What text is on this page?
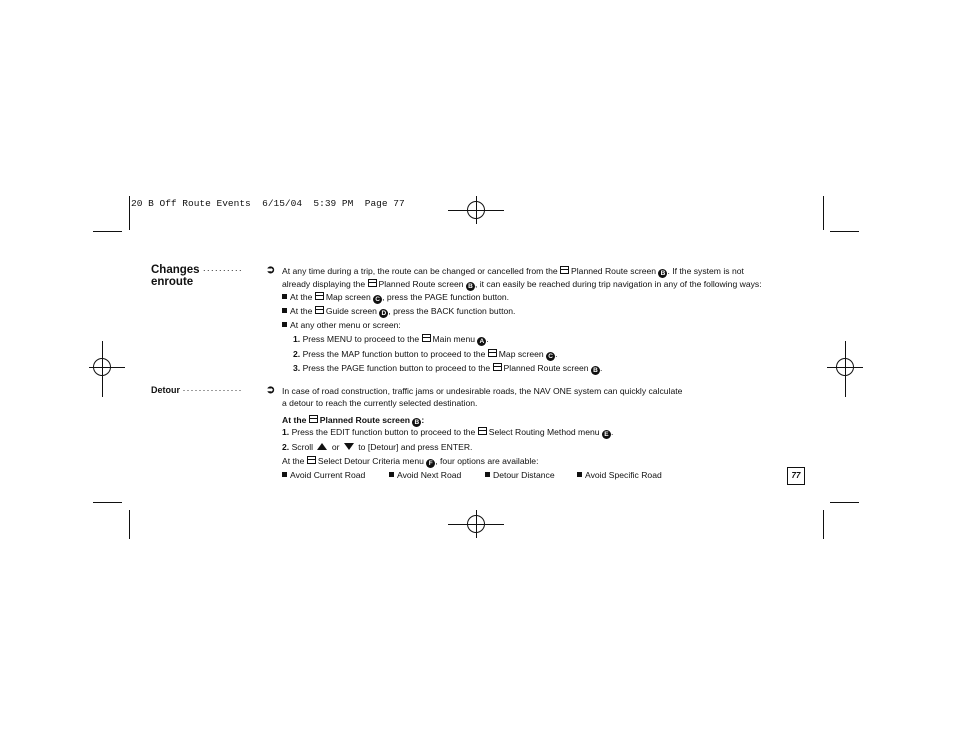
20 B Off Route Events  6/15/04  5:39 PM  Page 77
Changes ··········
enroute
➲ At any time during a trip, the route can be changed or cancelled from the Planned Route screen B . If the system is not
already displaying the Planned Route screen B , it can easily be reached during trip navigation in any of the following ways:
At the Map screen C , press the PAGE function button.
At the Guide screen D , press the BACK function button.
At any other menu or screen:
1. Press MENU to proceed to the Main menu A .
2. Press the MAP function button to proceed to the Map screen C .
3. Press the PAGE function button to proceed to the Planned Route screen B .
Detour ··············· ➲ In case of road construction, traffic jams or undesirable roads, the NAV ONE system can quickly calculate
a detour to reach the currently selected destination.
At the Planned Route screen B :
1. Press the EDIT function button to proceed to the Select Routing Method menu E .
2. Scroll  or  to [Detour] and press ENTER.
At the Select Detour Criteria menu F , four options are available:
Avoid Current Road	Avoid Next Road	Detour Distance	Avoid Specific Road	77
